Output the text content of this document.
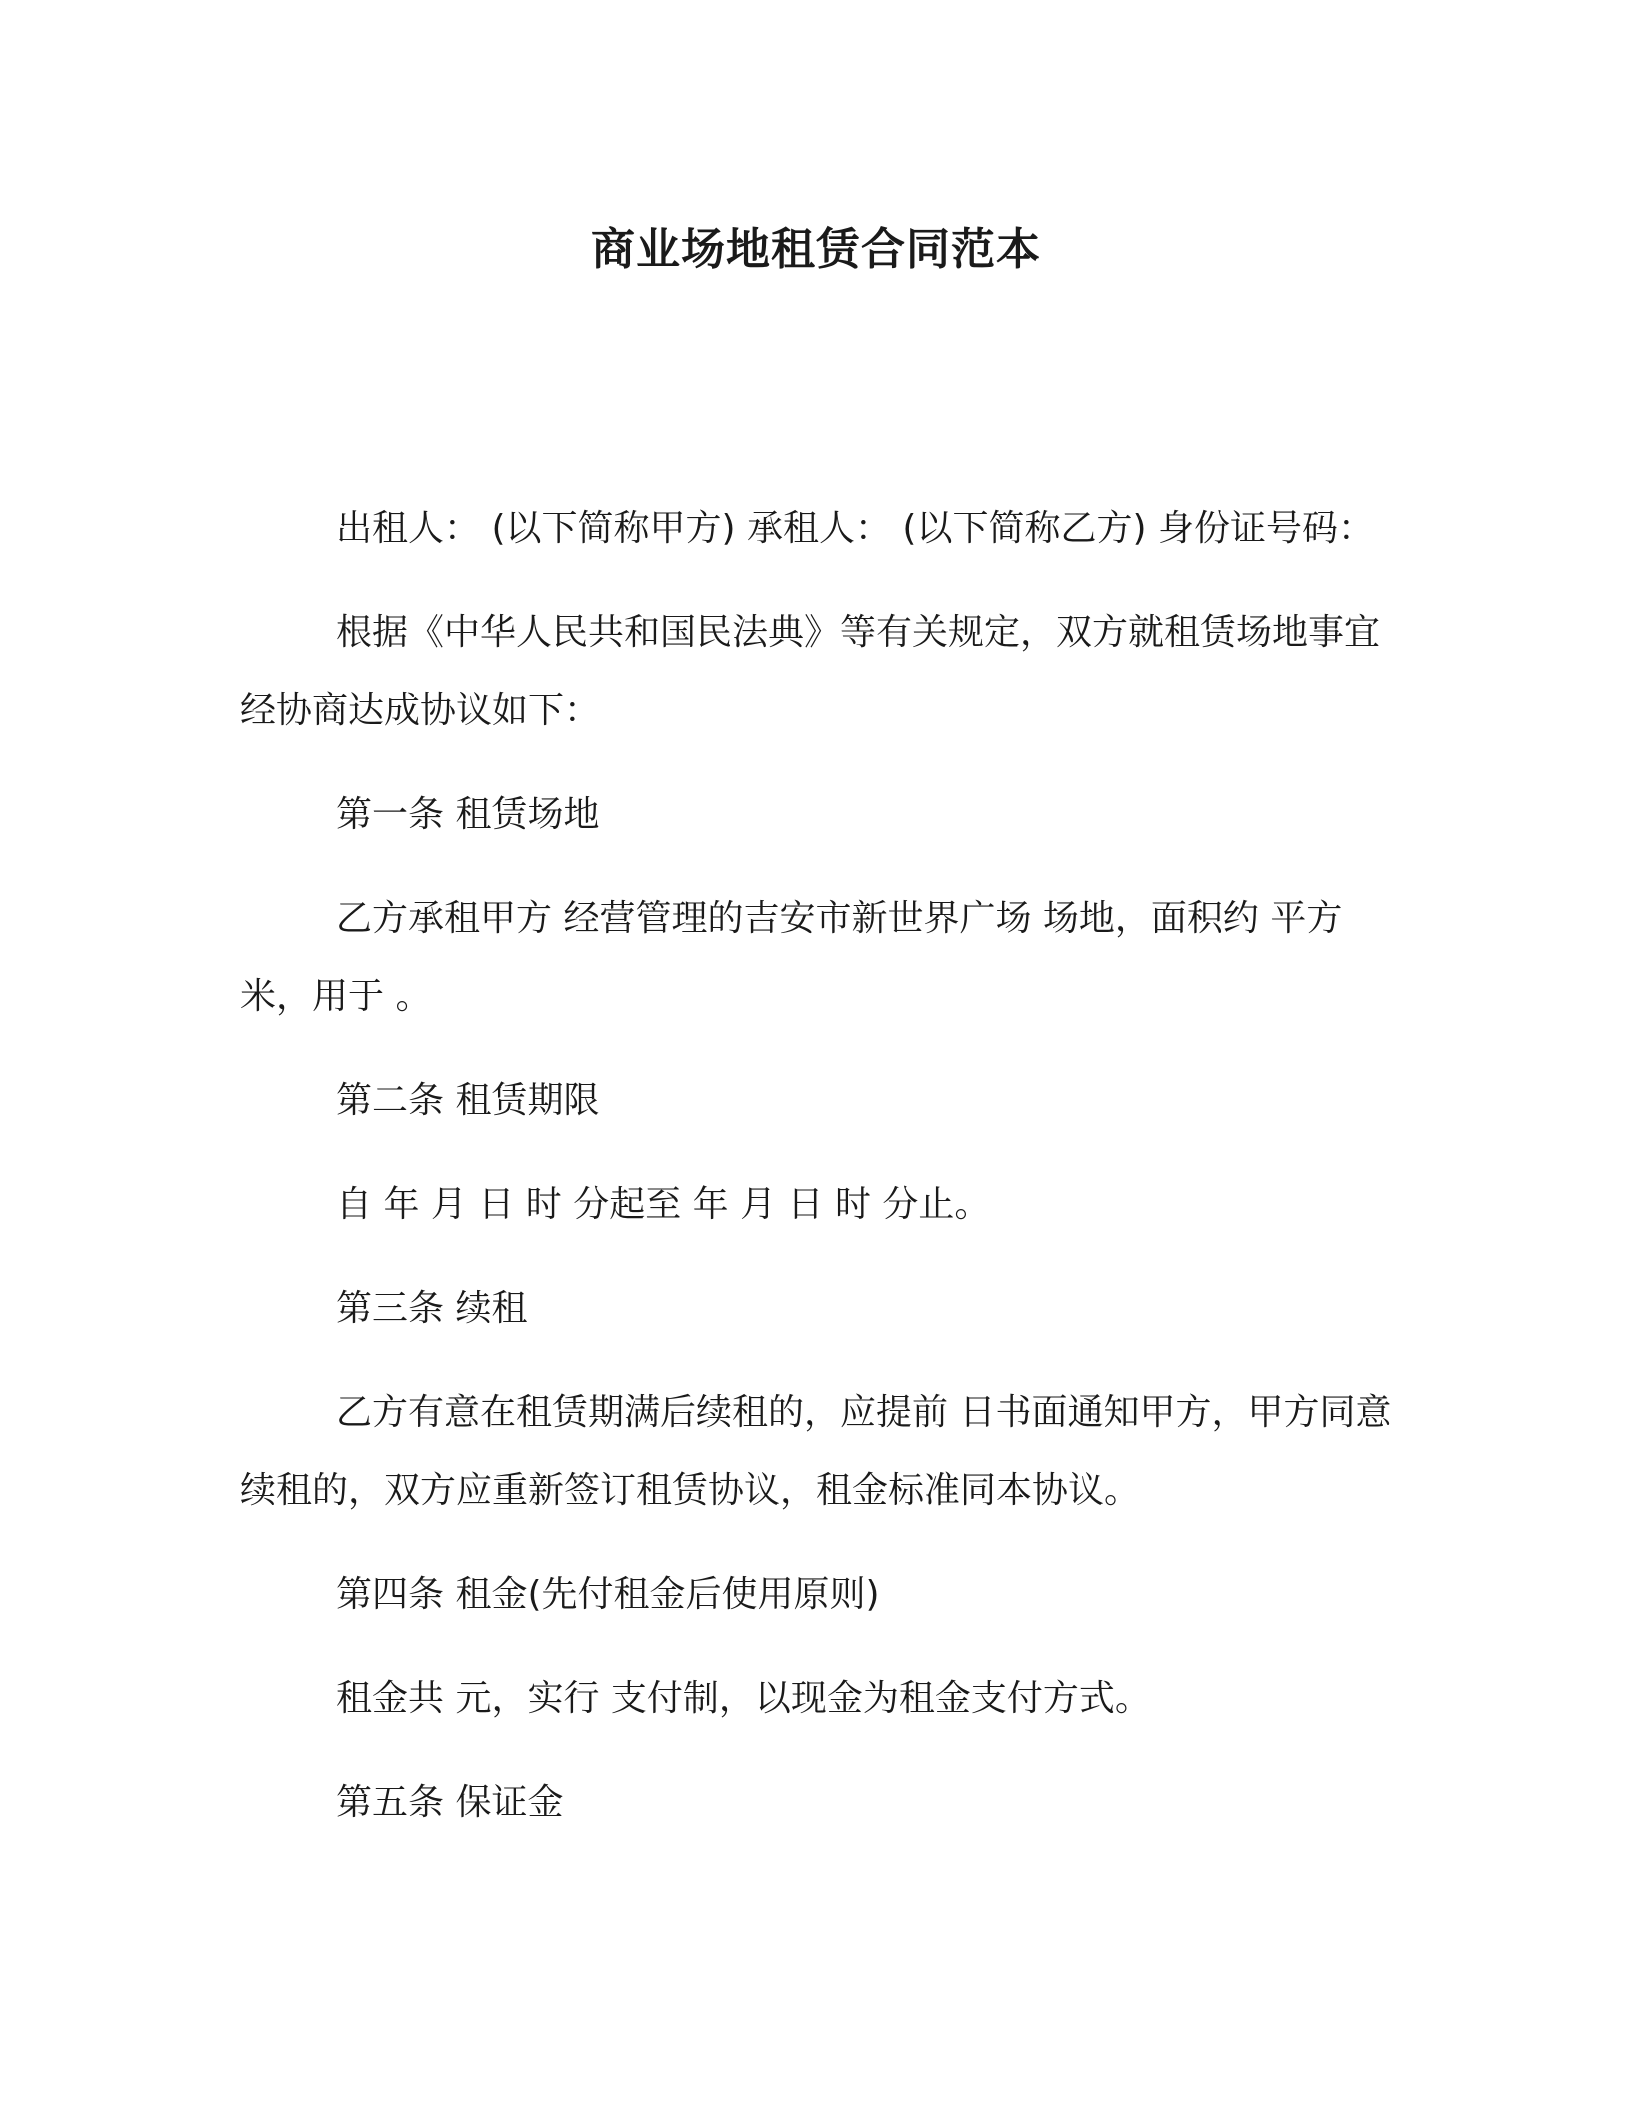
商业场地租赁合同范本

出租人： (以下简称甲方) 承租人： (以下简称乙方) 身份证号码：

根据《中华人民共和国民法典》等有关规定，双方就租赁场地事宜经协商达成协议如下：

第一条 租赁场地

乙方承租甲方 经营管理的吉安市新世界广场 场地，面积约 平方米，用于 。

第二条 租赁期限

自 年 月 日 时 分起至 年 月 日 时 分止。

第三条 续租

乙方有意在租赁期满后续租的，应提前 日书面通知甲方，甲方同意续租的，双方应重新签订租赁协议，租金标准同本协议。

第四条 租金(先付租金后使用原则)

租金共 元，实行 支付制，以现金为租金支付方式。

第五条 保证金
